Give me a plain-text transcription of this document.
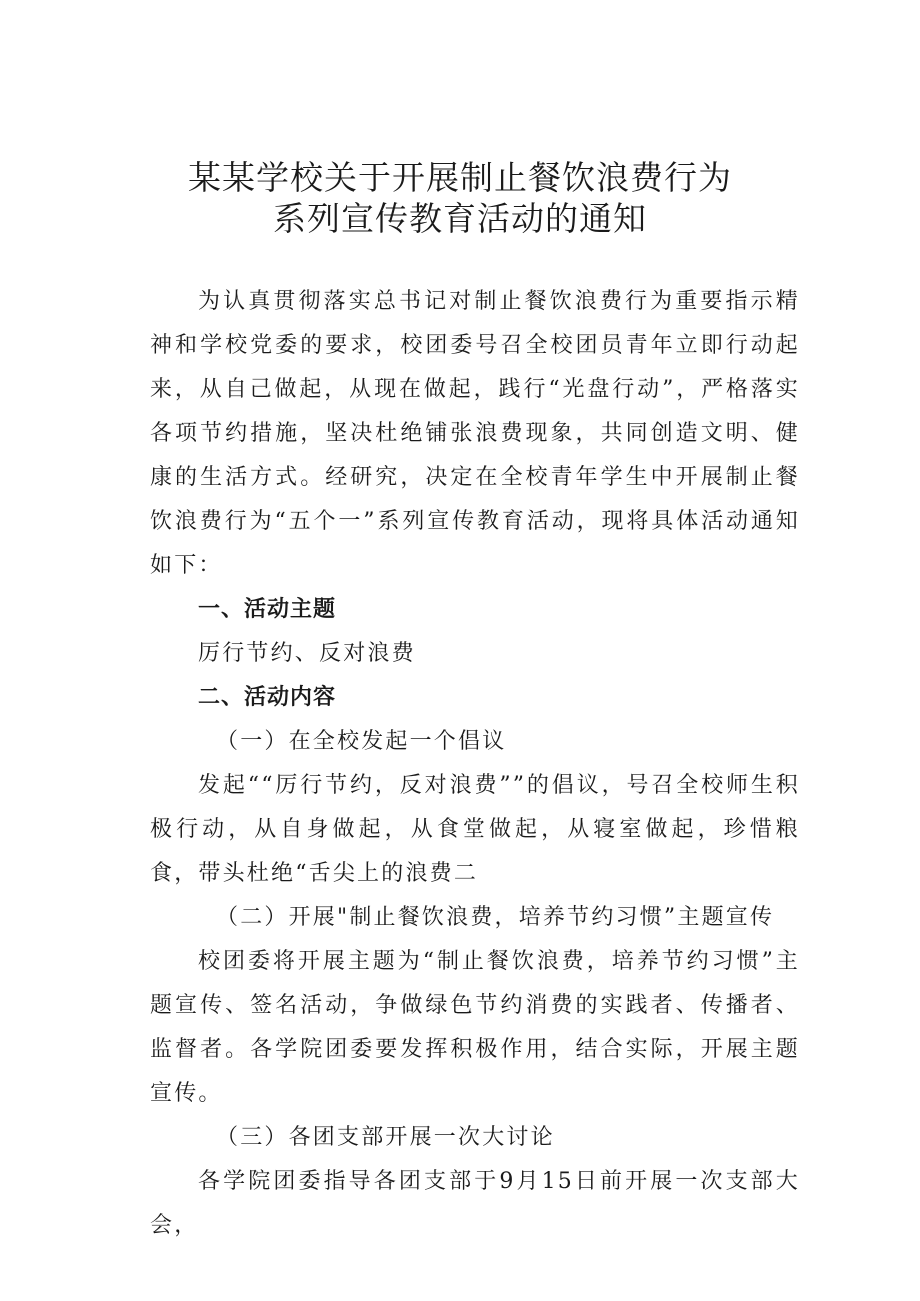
某某学校关于开展制止餐饮浪费行为
系列宣传教育活动的通知

为认真贯彻落实总书记对制止餐饮浪费行为重要指示精神和学校党委的要求，校团委号召全校团员青年立即行动起来，从自己做起，从现在做起，践行“光盘行动”，严格落实各项节约措施，坚决杜绝铺张浪费现象，共同创造文明、健康的生活方式。经研究，决定在全校青年学生中开展制止餐饮浪费行为“五个一”系列宣传教育活动，现将具体活动通知如下：

一、活动主题

厉行节约、反对浪费

二、活动内容
（一）在全校发起一个倡议

发起““厉行节约，反对浪费””的倡议，号召全校师生积极行动，从自身做起，从食堂做起，从寝室做起，珍惜粮食，带头杜绝“舌尖上的浪费二

（二）开展"制止餐饮浪费，培养节约习惯”主题宣传

校团委将开展主题为“制止餐饮浪费，培养节约习惯”主题宣传、签名活动，争做绿色节约消费的实践者、传播者、监督者。各学院团委要发挥积极作用，结合实际，开展主题宣传。

（三）各团支部开展一次大讨论

各学院团委指导各团支部于9月15日前开展一次支部大会，
